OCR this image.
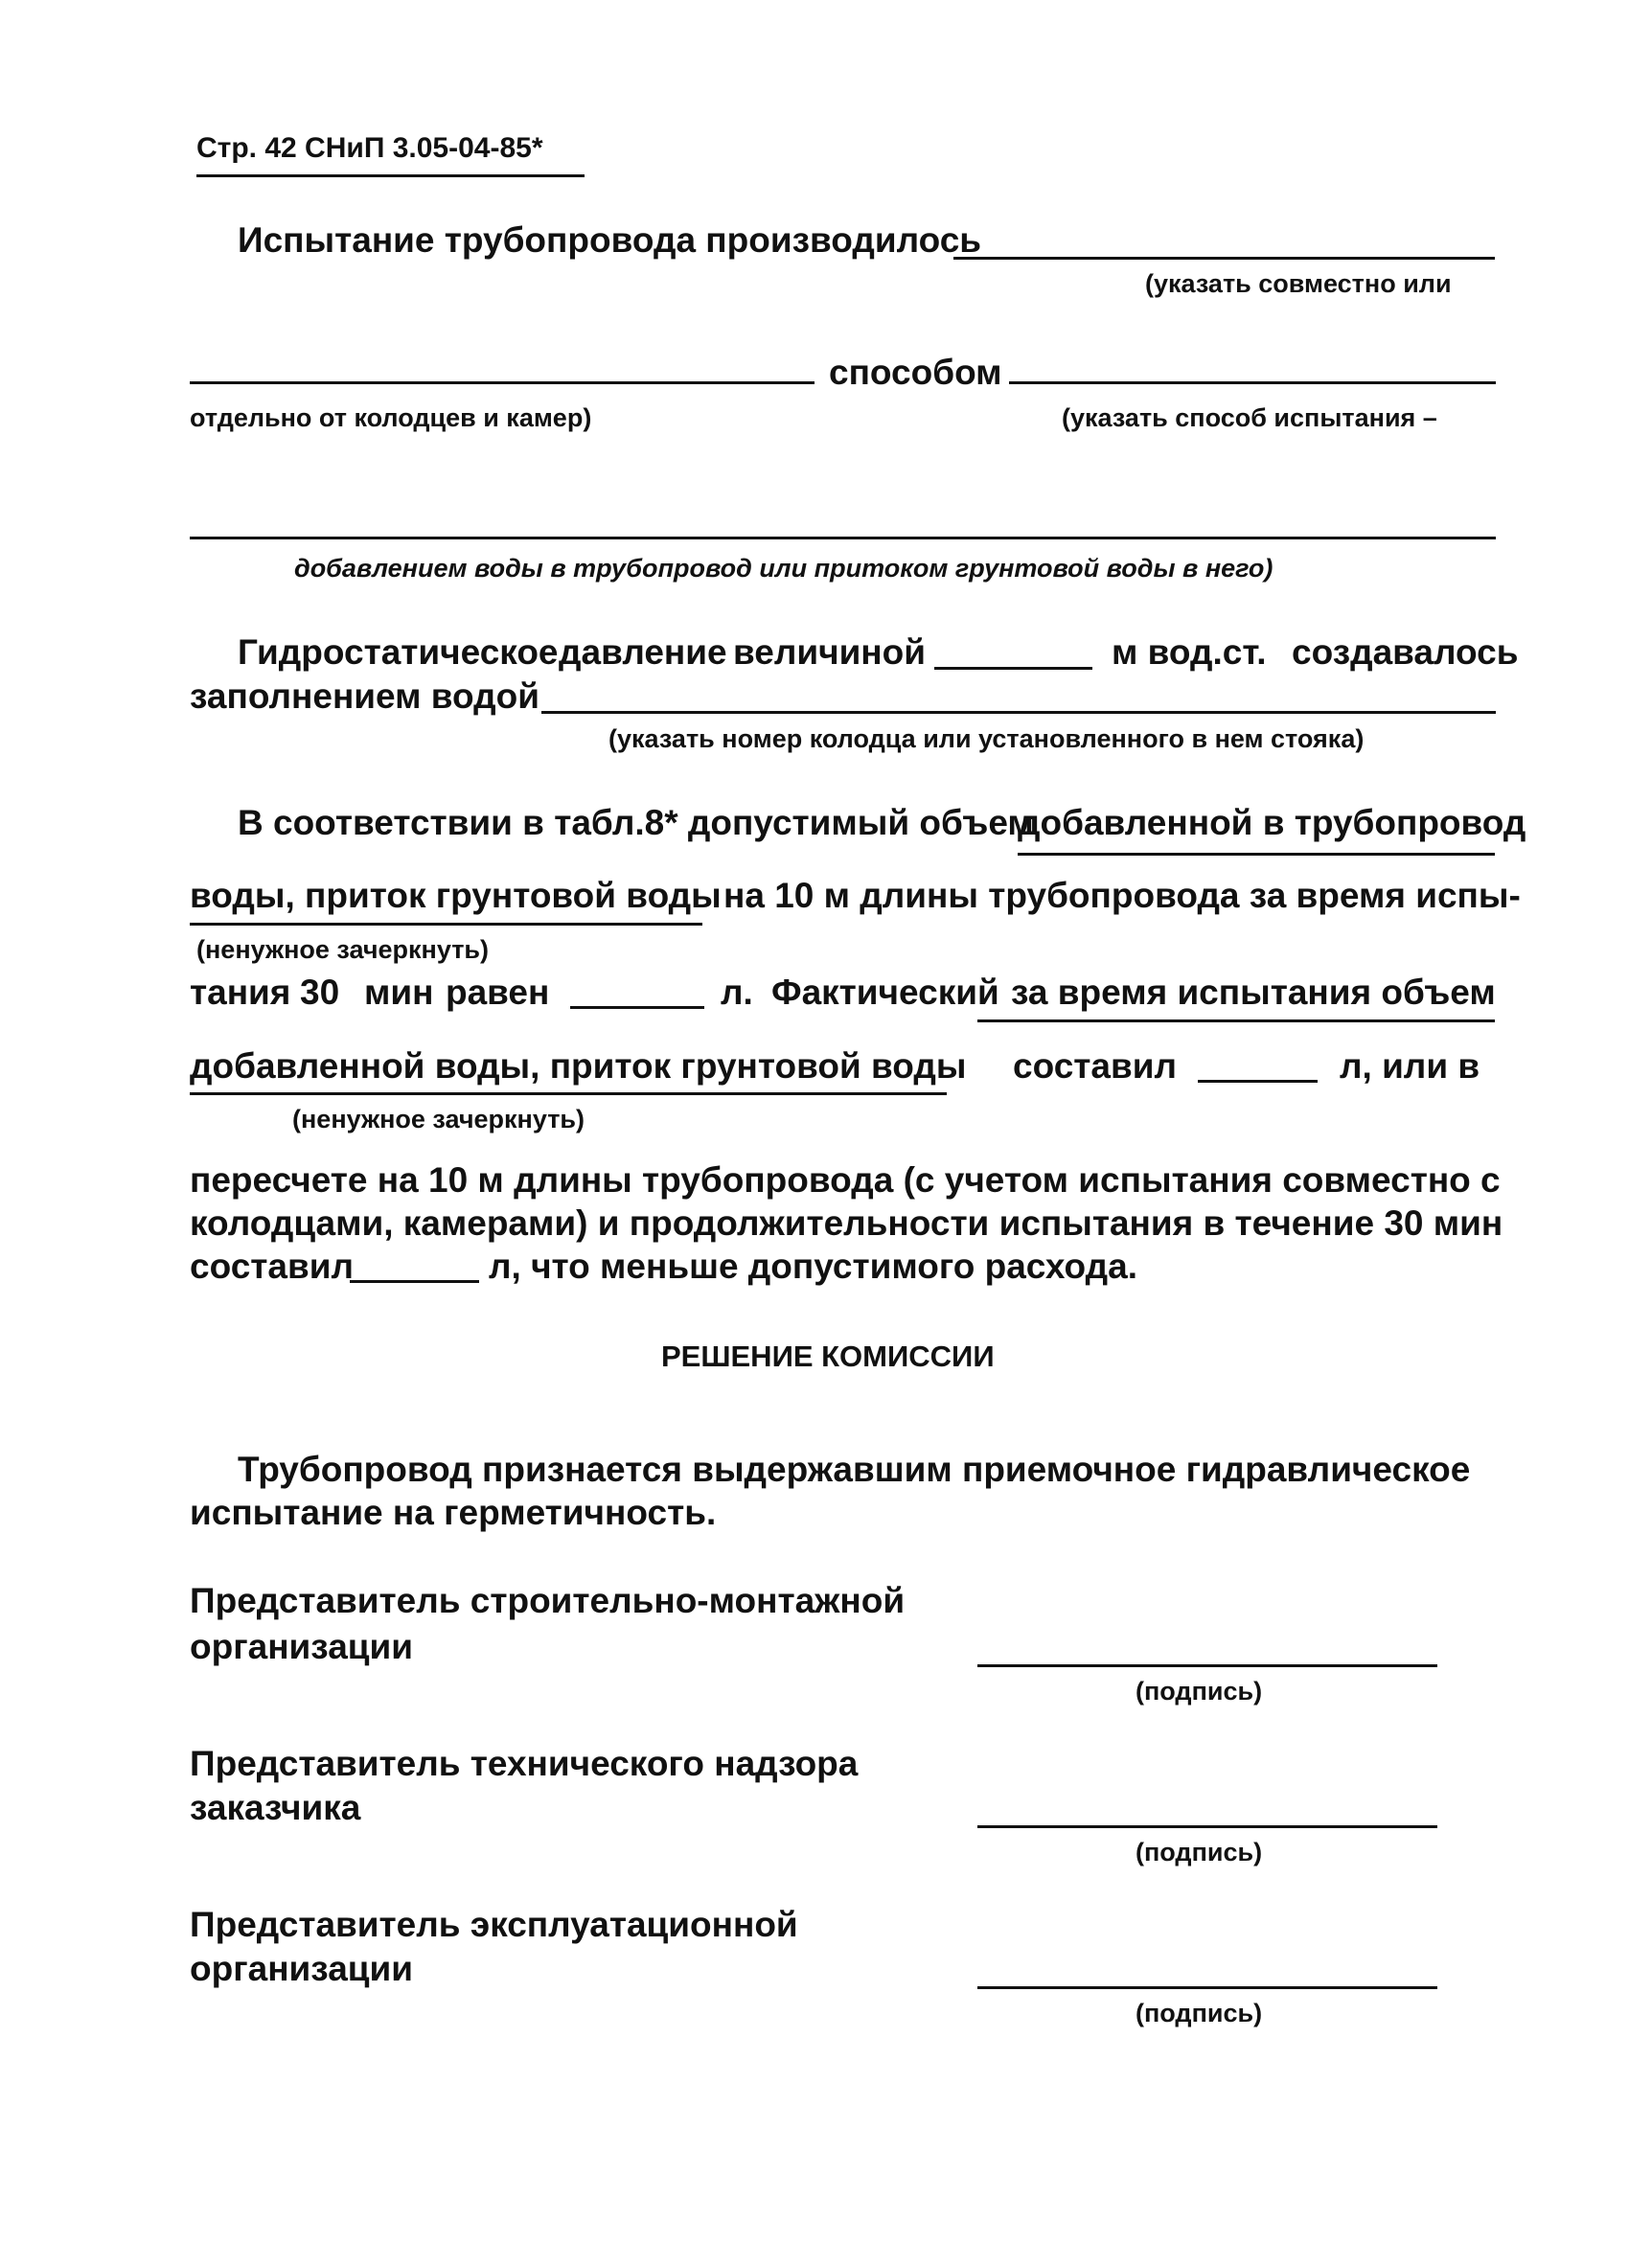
Стр. 42 СНиП 3.05-04-85*
Испытание трубопровода производилось
(указать совместно или
способом
отдельно от колодцев и камер)	(указать способ испытания –
добавлением воды в трубопровод или притоком грунтовой воды в него)
Гидростатическое давление величиной	м вод.ст. создавалось
заполнением водой
(указать номер колодца или установленного в нем стояка)
В соответствии в табл.8* допустимый объем
добавленной в трубопровод
воды, приток грунтовой воды на 10 м длины трубопровода за время испы-
(ненужное зачеркнуть)
тания 30 мин равен	л. Фактический за время испытания объем
добавленной воды, приток грунтовой воды составил	л, или в
(ненужное зачеркнуть)
пересчете на 10 м длины трубопровода (с учетом испытания совместно с
колодцами, камерами) и продолжительности испытания в течение 30 мин
составил	л, что меньше допустимого расхода.
РЕШЕНИЕ КОМИССИИ
Трубопровод признается выдержавшим приемочное гидравлическое
испытание на герметичность.
Представитель строительно-монтажной
организации
(подпись)
Представитель технического надзора
заказчика
(подпись)
Представитель эксплуатационной
организации
(подпись)
